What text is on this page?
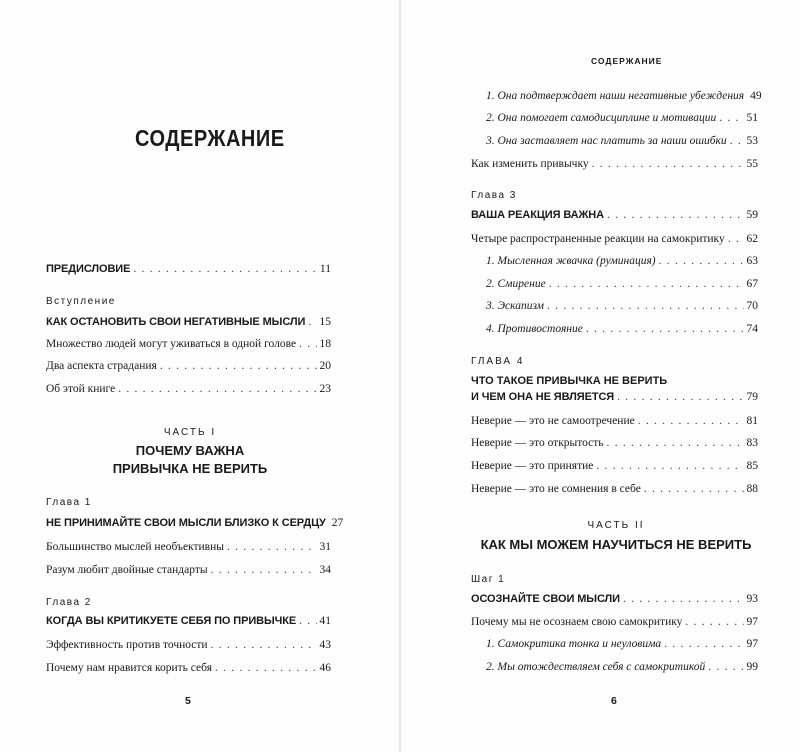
СОДЕРЖАНИЕ
ПРЕДИСЛОВИЕ . . .	11
Вступление
КАК ОСТАНОВИТЬ СВОИ НЕГАТИВНЫЕ МЫСЛИ . . . 15
Множество людей могут уживаться в одной голове . . . 18
Два аспекта страдания . . .	20
Об этой книге . . .	23
ЧАСТЬ I
ПОЧЕМУ ВАЖНА
ПРИВЫЧКА НЕ ВЕРИТЬ
Глава 1
НЕ ПРИНИМАЙТЕ СВОИ МЫСЛИ БЛИЗКО К СЕРДЦУ 27
Большинство мыслей необъективны . . .	31
Разум любит двойные стандарты . . .	34
Глава 2
КОГДА ВЫ КРИТИКУЕТЕ СЕБЯ ПО ПРИВЫЧКЕ . . . 41
Эффективность против точности . . .	43
Почему нам нравится корить себя . . .	46
5
СОДЕРЖАНИЕ
1. Она подтверждает наши негативные убеждения 49
2. Она помогает самодисциплине и мотивации . . .	51
3. Она заставляет нас платить за наши ошибки . . . 53
Как изменить привычку . . .	55
Глава 3
ВАША РЕАКЦИЯ ВАЖНА . . .	59
Четыре распространенные реакции на самокритику . . . 62
1. Мысленная жвачка (руминация) . . .	63
2. Смирение . . .	67
3. Эскапизм . . .	70
4. Противостояние . . .	74
ГЛАВА 4
ЧТО ТАКОЕ ПРИВЫЧКА НЕ ВЕРИТЬ
И ЧЕМ ОНА НЕ ЯВЛЯЕТСЯ . . .	79
Неверие — это не самоотречение . . .	81
Неверие — это открытость . . .	83
Неверие — это принятие . . .	85
Неверие — это не сомнения в себе . . .	88
ЧАСТЬ II
КАК МЫ МОЖЕМ НАУЧИТЬСЯ НЕ ВЕРИТЬ
Шаг 1
ОСОЗНАЙТЕ СВОИ МЫСЛИ . . .	93
Почему мы не осознаем свою самокритику . . .	97
1. Самокритика тонка и неуловима . . .	97
2. Мы отождествляем себя с самокритикой . . .	99
6
